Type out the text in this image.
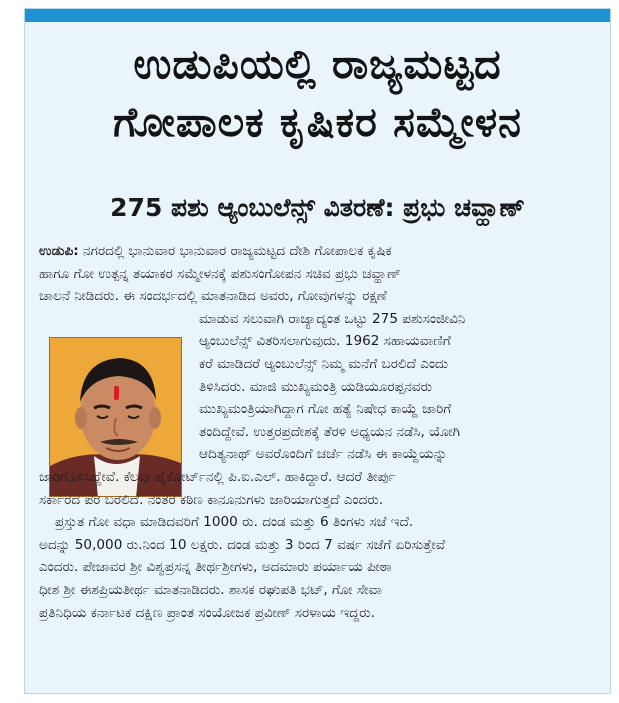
ಉಡುಪಿಯಲ್ಲಿ ರಾಜ್ಯಮಟ್ಟದ
ಗೋಪಾಲಕ ಕೃಷಿಕರ ಸಮ್ಮೇಳನ
275 ಪಶು ಆ್ಯಂಬುಲೆನ್ಸ್ ವಿತರಣೆ: ಪ್ರಭು ಚವ್ಹಾಣ್
ಉಡುಪಿ: ನಗರದಲ್ಲಿ ಭಾನುವಾರ ಭಾನುವಾರ ರಾಜ್ಯಮಟ್ಟದ ದೇಶಿ ಗೋಪಾಲಕ ಕೃಷಿಕ
ಹಾಗೂ ಗೋ ಉತ್ಪನ್ನ ತಯಾಕರ ಸಮ್ಮೇಳನಕ್ಕೆ ಪಶುಸಂಗೋಪನ ಸಚಿವ ಪ್ರಭು ಚವ್ಹಾಣ್
ಚಾಲನೆ ನೀಡಿದರು. ಈ ಸಂದರ್ಭದಲ್ಲಿ ಮಾತನಾಡಿದ ಅವರು, ಗೋವುಗಳನ್ನು ರಕ್ಷಣೆ
ಮಾಡುವ ಸಲುವಾಗಿ ರಾಜ್ಯಾದ್ಯಂತ ಒಟ್ಟು 275 ಪಶುಸಂಜೀವಿನಿ
ಆ್ಯಂಬುಲೆನ್ಸ್ ವಿತರಿಸಲಾಗುವುದು. 1962 ಸಹಾಯವಾಣಿಗೆ
ಕರೆ ಮಾಡಿದರೆ ಆ್ಯಂಬುಲೆನ್ಸ್ ನಿಮ್ಮ ಮನೆಗೆ ಬರಲಿದೆ ಎಂದು
ತಿಳಿಸಿದರು. ಮಾಜಿ ಮುಖ್ಯಮಂತ್ರಿ ಯಡಿಯೂರಪ್ಪನವರು
ಮುಖ್ಯಮಂತ್ರಿಯಾಗಿದ್ದಾಗ ಗೋ ಹತ್ಯೆ ನಿಷೇಧ ಕಾಯ್ದೆ ಜಾರಿಗೆ
ತಂದಿದ್ದೇವೆ. ಉತ್ತರಪ್ರದೇಶಕ್ಕೆ ತೆರಳಿ ಅಧ್ಯಯನ ನಡೆಸಿ, ಯೋಗಿ
ಆದಿತ್ಯನಾಥ್ ಅವರೊಂದಿಗೆ ಚರ್ಚೆ ನಡೆಸಿ ಈ ಕಾಯ್ದೆಯನ್ನು
ಜಾರಿಗೊಳಿಸಿದ್ದೇವೆ. ಕೆಲವು ಹೈಕೋರ್ಟ್‌ನಲ್ಲಿ ಪಿ.ಐ.ಎಲ್. ಹಾಕಿದ್ದಾರೆ. ಆದರೆ ತೀರ್ಪು
ಸರ್ಕಾರದ ಪರ ಬರಲಿದೆ. ನಂತರ ಕಠಿಣ ಕಾನೂನುಗಳು ಜಾರಿಯಾಗುತ್ತದೆ ಎಂದರು.
ಪ್ರಸ್ತುತ ಗೋ ವಧಾ ಮಾಡಿದವರಿಗೆ 1000 ರು. ದಂಡ ಮತ್ತು 6 ತಿಂಗಳು ಸಜೆ ಇದೆ.
ಅದನ್ನು 50,000 ರು.ನಿಂದ 10 ಲಕ್ಷರು. ದಂಡ ಮತ್ತು 3 ರಿಂದ 7 ವರ್ಷ ಸಜೆಗೆ ಏರಿಸುತ್ತೇವೆ
ಎಂದರು. ಪೇಜಾವರ ಶ್ರೀ ವಿಶ್ವಪ್ರಸನ್ನ ತೀರ್ಥಶ್ರೀಗಳು, ಅದಮಾರು ಪರ್ಯಾಯ ಪೀಠಾ
ಧೀಶ ಶ್ರೀ ಈಶಪ್ರಿಯತೀರ್ಥ ಮಾತನಾಡಿದರು. ಶಾಸಕ ರಘುಪತಿ ಭಟ್, ಗೋ ಸೇವಾ
ಪ್ರತಿನಿಧಿಯ ಕರ್ನಾಟಕ ದಕ್ಷಿಣ ಪ್ರಾಂತ ಸಂಯೋಜಕ ಪ್ರವೀಣ್ ಸರಳಾಯ ಇದ್ದರು.
